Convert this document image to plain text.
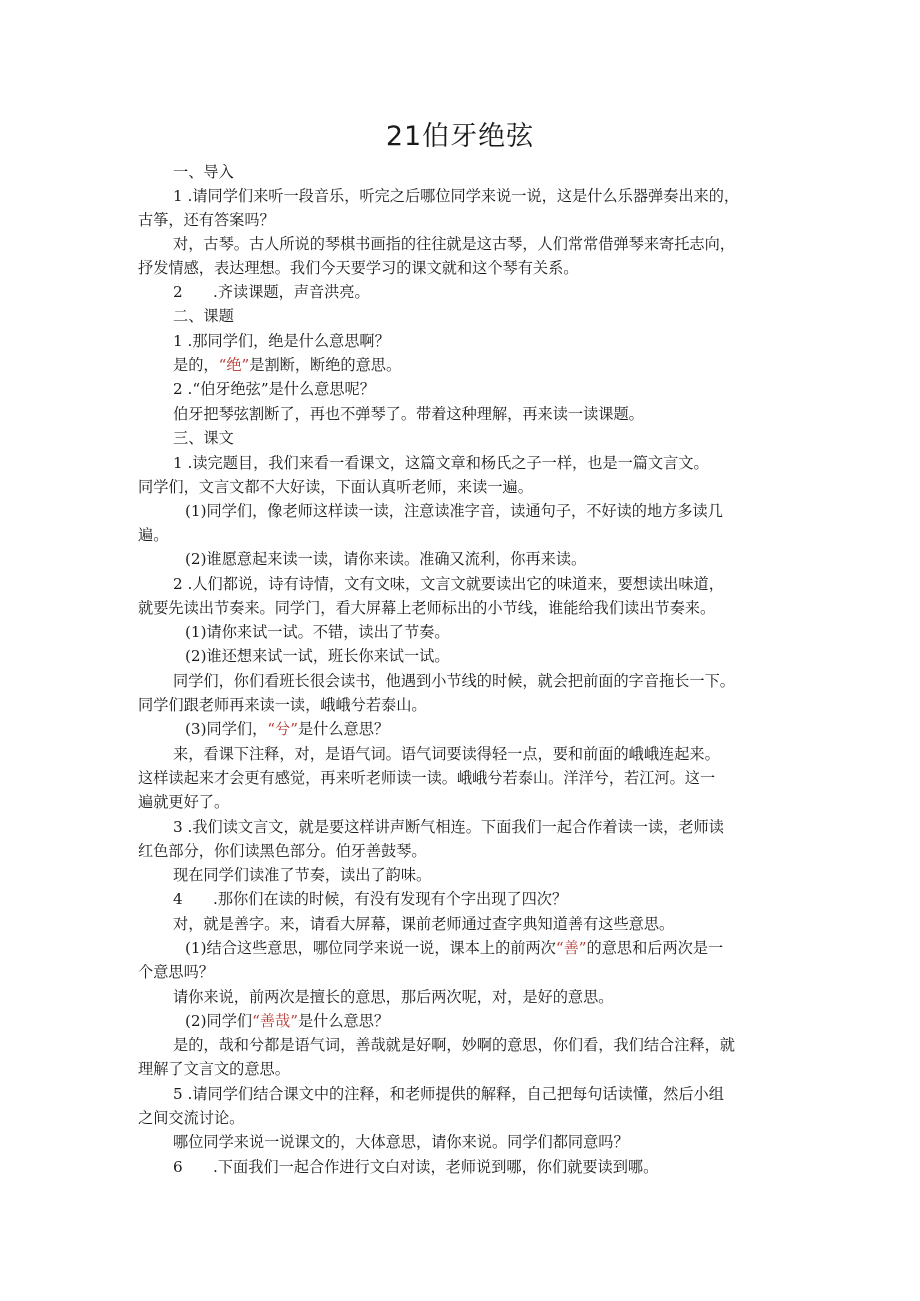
21伯牙绝弦
一、导入
1 .请同学们来听一段音乐，听完之后哪位同学来说一说，这是什么乐器弹奏出来的，
古筝，还有答案吗？
对，古琴。古人所说的琴棋书画指的往往就是这古琴，人们常常借弹琴来寄托志向，
抒发情感，表达理想。我们今天要学习的课文就和这个琴有关系。
2　　.齐读课题，声音洪亮。
二、课题
1 .那同学们，绝是什么意思啊？
是的，“绝”是割断，断绝的意思。
2 .“伯牙绝弦”是什么意思呢？
伯牙把琴弦割断了，再也不弹琴了。带着这种理解，再来读一读课题。
三、课文
1 .读完题目，我们来看一看课文，这篇文章和杨氏之子一样，也是一篇文言文。
同学们，文言文都不大好读，下面认真听老师，来读一遍。
(1)同学们，像老师这样读一读，注意读准字音，读通句子，不好读的地方多读几
遍。
(2)谁愿意起来读一读，请你来读。准确又流利，你再来读。
2 .人们都说，诗有诗情，文有文味，文言文就要读出它的味道来，要想读出味道，
就要先读出节奏来。同学门，看大屏幕上老师标出的小节线，谁能给我们读出节奏来。
(1)请你来试一试。不错，读出了节奏。
(2)谁还想来试一试，班长你来试一试。
同学们，你们看班长很会读书，他遇到小节线的时候，就会把前面的字音拖长一下。
同学们跟老师再来读一读，峨峨兮若泰山。
(3)同学们，“兮”是什么意思？
来，看课下注释，对，是语气词。语气词要读得轻一点，要和前面的峨峨连起来。
这样读起来才会更有感觉，再来听老师读一读。峨峨兮若泰山。洋洋兮，若江河。这一
遍就更好了。
3 .我们读文言文，就是要这样讲声断气相连。下面我们一起合作着读一读，老师读
红色部分，你们读黑色部分。伯牙善鼓琴。
现在同学们读准了节奏，读出了韵味。
4　　.那你们在读的时候，有没有发现有个字出现了四次？
对，就是善字。来，请看大屏幕，课前老师通过查字典知道善有这些意思。
(1)结合这些意思，哪位同学来说一说，课本上的前两次“善”的意思和后两次是一
个意思吗？
请你来说，前两次是擅长的意思，那后两次呢，对，是好的意思。
(2)同学们“善哉”是什么意思？
是的，哉和兮都是语气词，善哉就是好啊，妙啊的意思，你们看，我们结合注释，就
理解了文言文的意思。
5 .请同学们结合课文中的注释，和老师提供的解释，自己把每句话读懂，然后小组
之间交流讨论。
哪位同学来说一说课文的，大体意思，请你来说。同学们都同意吗？
6　　.下面我们一起合作进行文白对读，老师说到哪，你们就要读到哪。
